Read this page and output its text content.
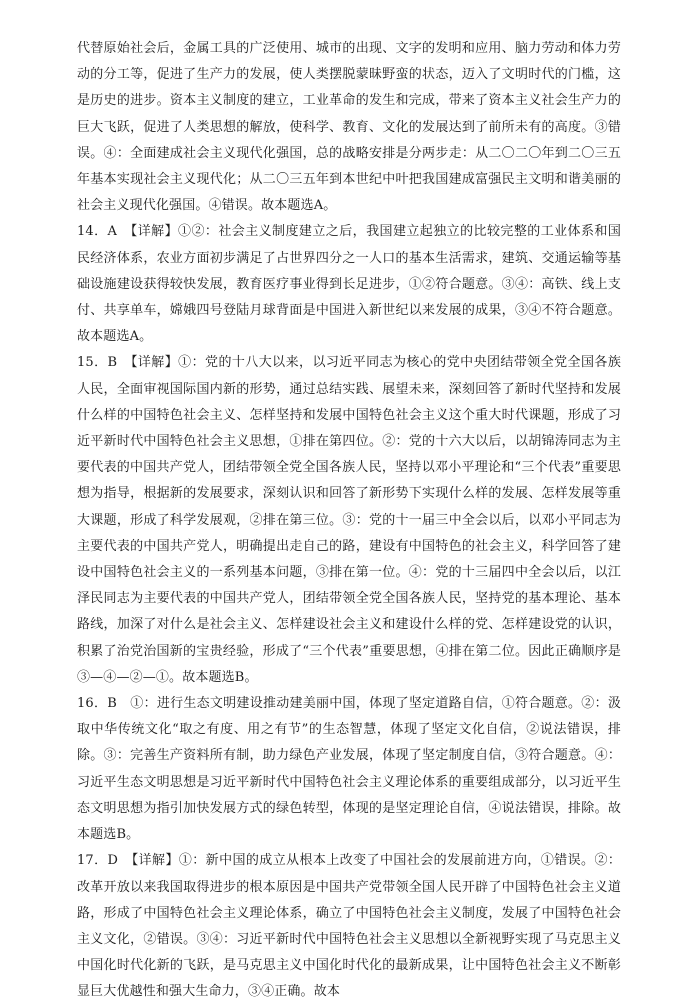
代替原始社会后，金属工具的广泛使用、城市的出现、文字的发明和应用、脑力劳动和体力劳动的分工等，促进了生产力的发展，使人类摆脱蒙昧野蛮的状态，迈入了文明时代的门槛，这是历史的进步。资本主义制度的建立，工业革命的发生和完成，带来了资本主义社会生产力的巨大飞跃，促进了人类思想的解放，使科学、教育、文化的发展达到了前所未有的高度。③错误。④：全面建成社会主义现代化强国，总的战略安排是分两步走：从二〇二〇年到二〇三五年基本实现社会主义现代化；从二〇三五年到本世纪中叶把我国建成富强民主文明和谐美丽的社会主义现代化强国。④错误。故本题选A。

14．A　【详解】①②：社会主义制度建立之后，我国建立起独立的比较完整的工业体系和国民经济体系，农业方面初步满足了占世界四分之一人口的基本生活需求，建筑、交通运输等基础设施建设获得较快发展，教育医疗事业得到长足进步，①②符合题意。③④：高铁、线上支付、共享单车，嫦娥四号登陆月球背面是中国进入新世纪以来发展的成果，③④不符合题意。故本题选A。

15．B　【详解】①：党的十八大以来，以习近平同志为核心的党中央团结带领全党全国各族人民，全面审视国际国内新的形势，通过总结实践、展望未来，深刻回答了新时代坚持和发展什么样的中国特色社会主义、怎样坚持和发展中国特色社会主义这个重大时代课题，形成了习近平新时代中国特色社会主义思想，①排在第四位。②：党的十六大以后，以胡锦涛同志为主要代表的中国共产党人，团结带领全党全国各族人民，坚持以邓小平理论和“三个代表”重要思想为指导，根据新的发展要求，深刻认识和回答了新形势下实现什么样的发展、怎样发展等重大课题，形成了科学发展观，②排在第三位。③：党的十一届三中全会以后，以邓小平同志为主要代表的中国共产党人，明确提出走自己的路，建设有中国特色的社会主义，科学回答了建设中国特色社会主义的一系列基本问题，③排在第一位。④：党的十三届四中全会以后，以江泽民同志为主要代表的中国共产党人，团结带领全党全国各族人民，坚持党的基本理论、基本路线，加深了对什么是社会主义、怎样建设社会主义和建设什么样的党、怎样建设党的认识，积累了治党治国新的宝贵经验，形成了“三个代表”重要思想，④排在第二位。因此正确顺序是③—④—②—①。故本题选B。

16．B　①：进行生态文明建设推动建美丽中国，体现了坚定道路自信，①符合题意。②：汲取中华传统文化“取之有度、用之有节”的生态智慧，体现了坚定文化自信，②说法错误，排除。③：完善生产资料所有制，助力绿色产业发展，体现了坚定制度自信，③符合题意。④：习近平生态文明思想是习近平新时代中国特色社会主义理论体系的重要组成部分，以习近平生态文明思想为指引加快发展方式的绿色转型，体现的是坚定理论自信，④说法错误，排除。故本题选B。

17．D　【详解】①：新中国的成立从根本上改变了中国社会的发展前进方向，①错误。②：改革开放以来我国取得进步的根本原因是中国共产党带领全国人民开辟了中国特色社会主义道路，形成了中国特色社会主义理论体系，确立了中国特色社会主义制度，发展了中国特色社会主义文化，②错误。③④：习近平新时代中国特色社会主义思想以全新视野实现了马克思主义中国化时代化新的飞跃，是马克思主义中国化时代化的最新成果，让中国特色社会主义不断彰显巨大优越性和强大生命力，③④正确。故本
